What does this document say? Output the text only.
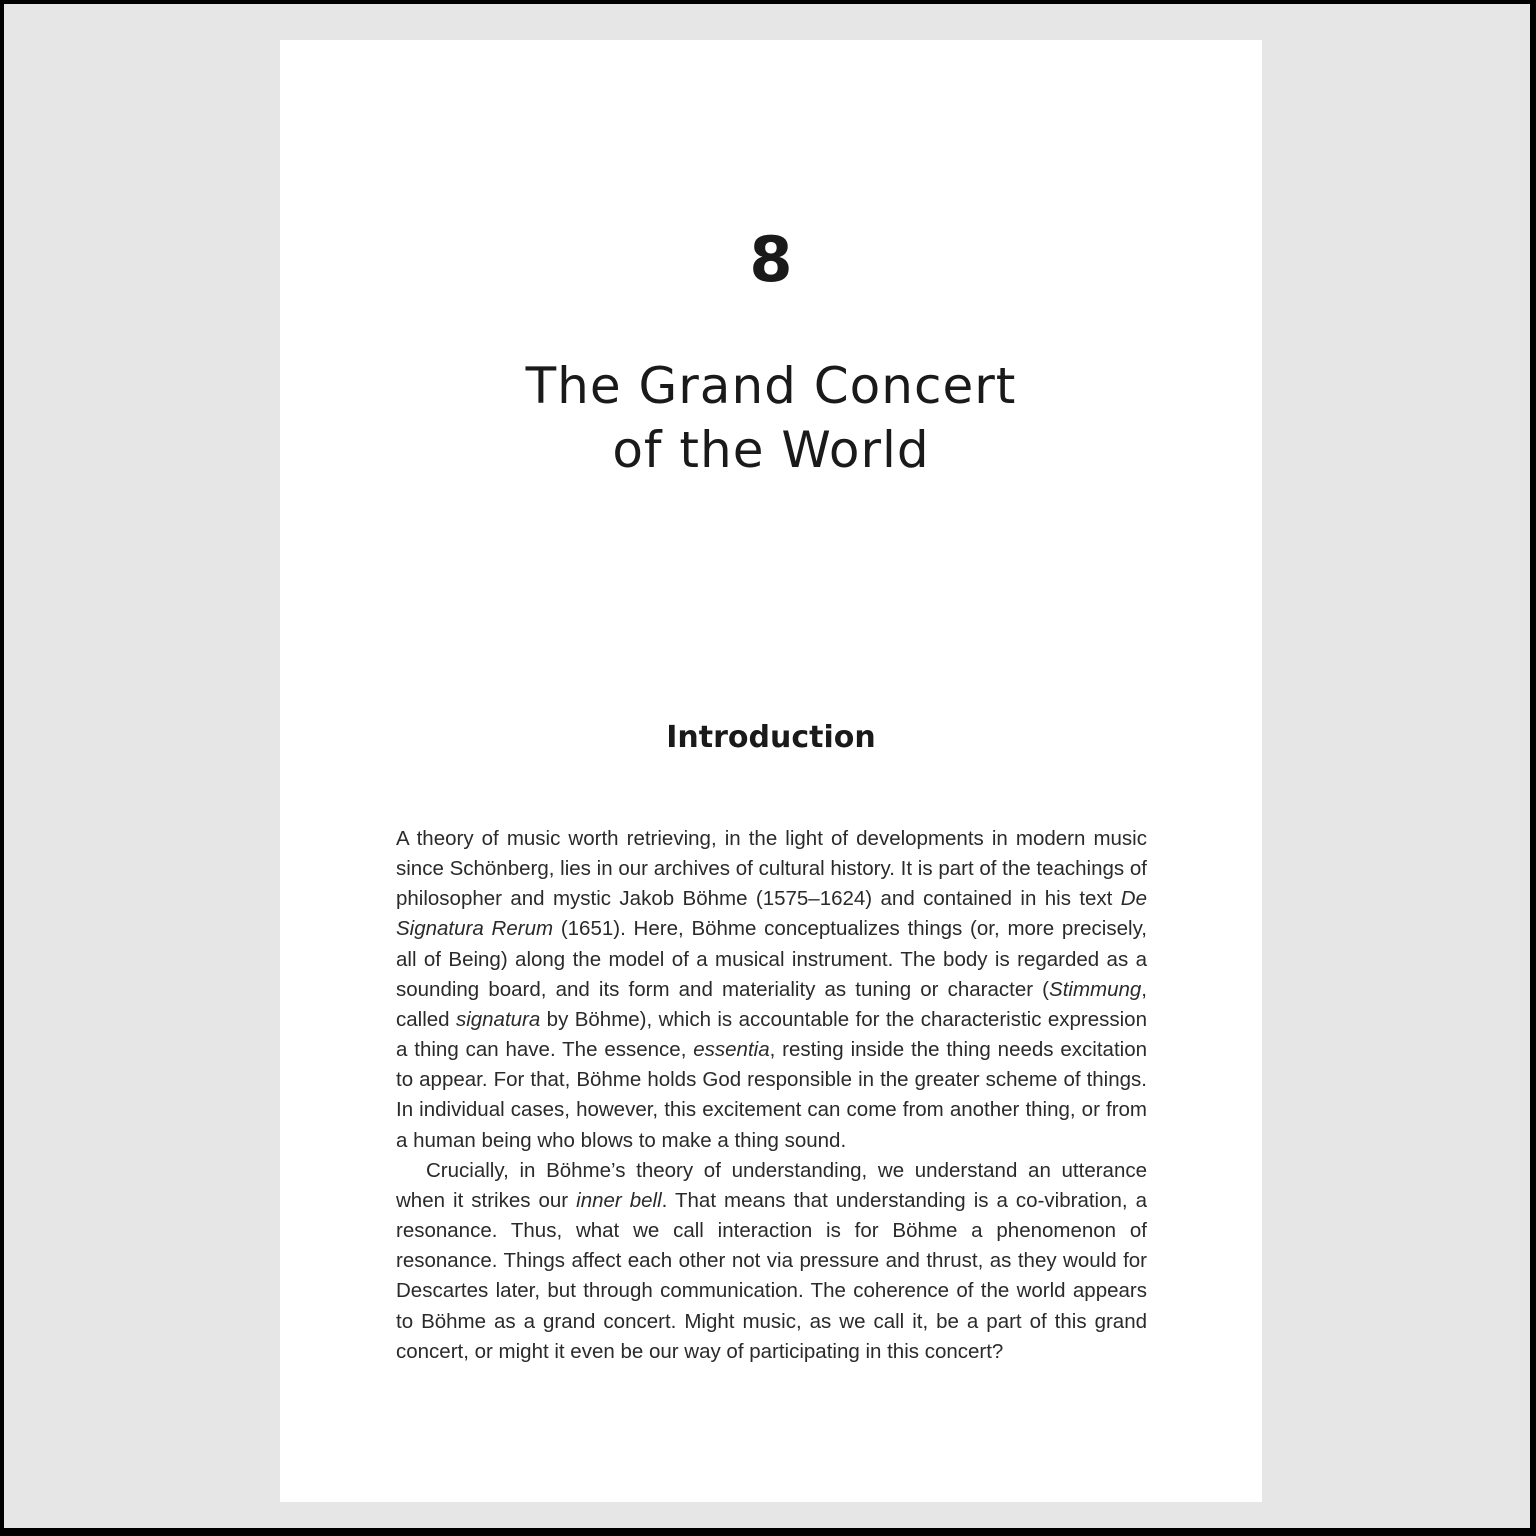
8
The Grand Concert
of the World
Introduction

A theory of music worth retrieving, in the light of developments in modern music since Schönberg, lies in our archives of cultural history. It is part of the teachings of philosopher and mystic Jakob Böhme (1575–1624) and contained in his text De Signatura Rerum (1651). Here, Böhme conceptualizes things (or, more precisely, all of Being) along the model of a musical instrument. The body is regarded as a sounding board, and its form and materiality as tuning or character (Stimmung, called signatura by Böhme), which is accountable for the characteristic expression a thing can have. The essence, essentia, resting inside the thing needs excitation to appear. For that, Böhme holds God responsible in the greater scheme of things. In individual cases, however, this excitement can come from another thing, or from a human being who blows to make a thing sound.

Crucially, in Böhme’s theory of understanding, we understand an utterance when it strikes our inner bell. That means that understanding is a co-vibration, a resonance. Thus, what we call interaction is for Böhme a phenomenon of resonance. Things affect each other not via pressure and thrust, as they would for Descartes later, but through communication. The coherence of the world appears to Böhme as a grand concert. Might music, as we call it, be a part of this grand concert, or might it even be our way of participating in this concert?
